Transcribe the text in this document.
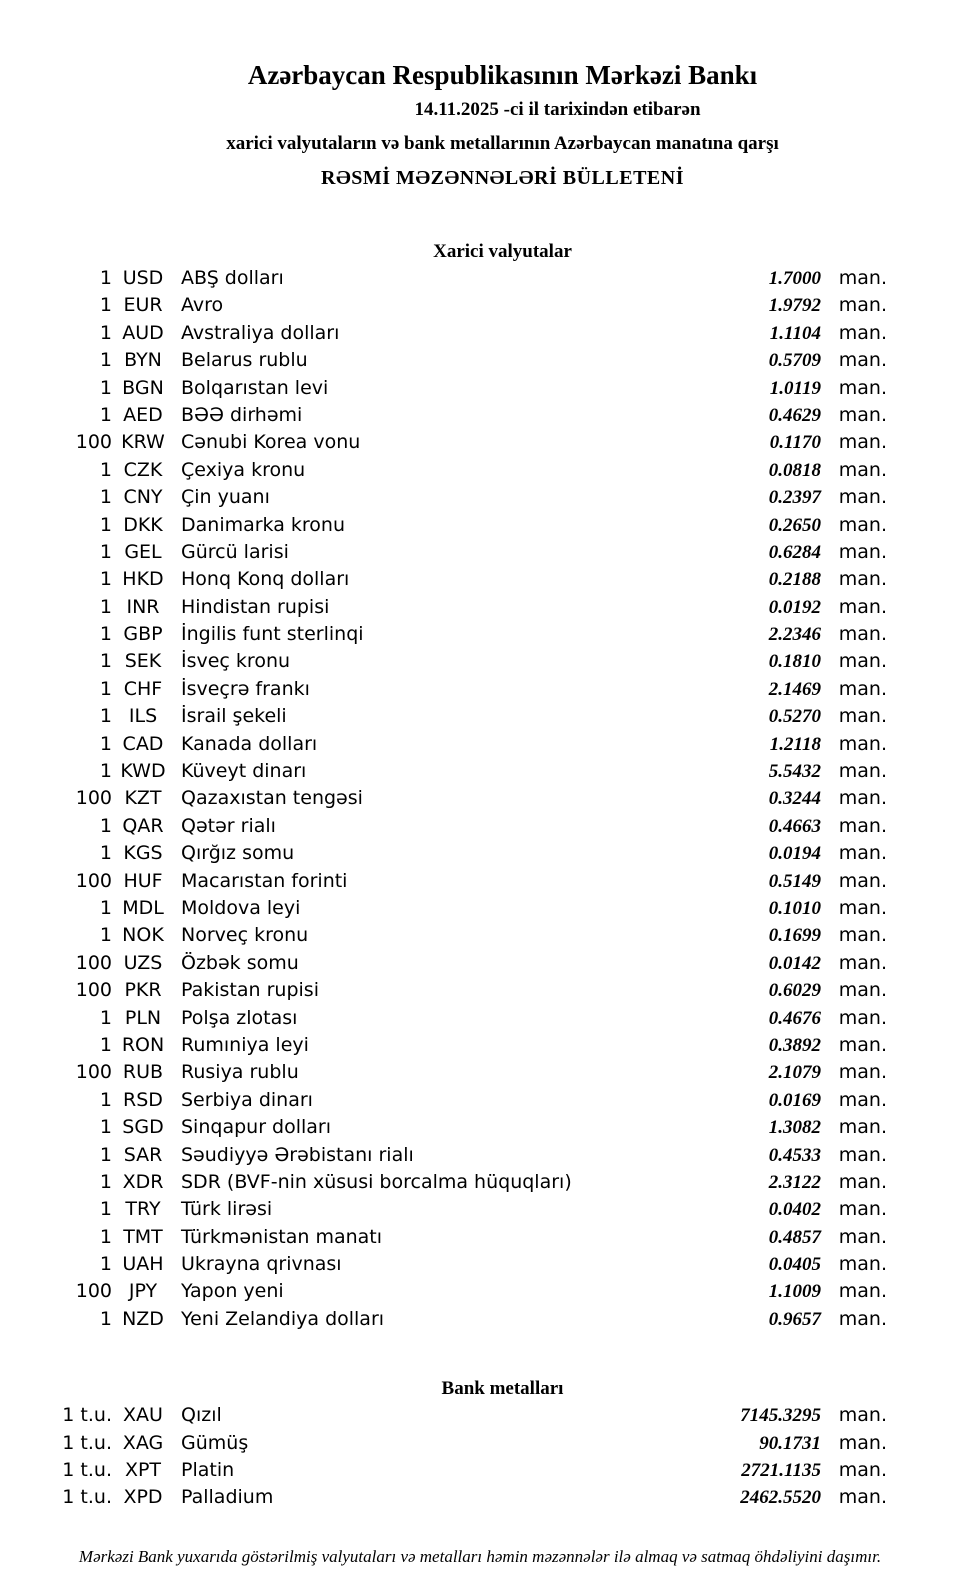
Azərbaycan Respublikasının Mərkəzi Bankı
14.11.2025 -ci il tarixindən etibarən
xarici valyutaların və bank metallarının Azərbaycan manatına qarşı
RƏSMİ MƏZƏNNƏLƏRİ BÜLLETENİ
Xarici valyutalar
1 USD ABŞ dolları	1.7000 man.
1 EUR Avro	1.9792 man.
1 AUD Avstraliya dolları	1.1104 man.
1 BYN	Belarus rublu	0.5709 man.
1 BGN Bolqarıstan levi	1.0119 man.
1 AED BƏƏ dirhəmi	0.4629 man.
100 KRW Cənubi Korea vonu	0.1170 man.
1 CZK Çexiya kronu	0.0818 man.
1 CNY Çin yuanı	0.2397 man.
1 DKK Danimarka kronu	0.2650 man.
1 GEL	Gürcü larisi	0.6284 man.
1 HKD Honq Konq dolları	0.2188 man.
1 INR	Hindistan rupisi	0.0192 man.
1 GBP İngilis funt sterlinqi	2.2346 man.
1 SEK	İsveç kronu	0.1810 man.
1 CHF İsveçrə frankı	2.1469 man.
1 ILS	İsrail şekeli	0.5270 man.
1 CAD Kanada dolları	1.2118 man.
1 KWD Küveyt dinarı	5.5432 man.
100 KZT	Qazaxıstan tengəsi	0.3244 man.
1 QAR Qətər rialı	0.4663 man.
1 KGS Qırğız somu	0.0194 man.
100 HUF Macarıstan forinti	0.5149 man.
1 MDL Moldova leyi	0.1010 man.
1 NOK Norveç kronu	0.1699 man.
100 UZS Özbək somu	0.0142 man.
100 PKR	Pakistan rupisi	0.6029 man.
1 PLN	Polşa zlotası	0.4676 man.
1 RON Rumıniya leyi	0.3892 man.
100 RUB Rusiya rublu	2.1079 man.
1 RSD Serbiya dinarı	0.0169 man.
1 SGD Sinqapur dolları	1.3082 man.
1 SAR Səudiyyə Ərəbistanı rialı	0.4533 man.
1 XDR SDR (BVF-nin xüsusi borcalma hüquqları)	2.3122 man.
1 TRY	Türk lirəsi	0.0402 man.
1 TMT Türkmənistan manatı	0.4857 man.
1 UAH Ukrayna qrivnası	0.0405 man.
100 JPY	Yapon yeni	1.1009 man.
1 NZD Yeni Zelandiya dolları	0.9657 man.
Bank metalları
1 t.u. XAU Qızıl	7145.3295 man.
1 t.u. XAG Gümüş	90.1731 man.
1 t.u. XPT	Platin	2721.1135 man.
1 t.u. XPD Palladium	2462.5520 man.
Mərkəzi Bank yuxarıda göstərilmiş valyutaları və metalları həmin məzənnələr ilə almaq və satmaq öhdəliyini daşımır.
